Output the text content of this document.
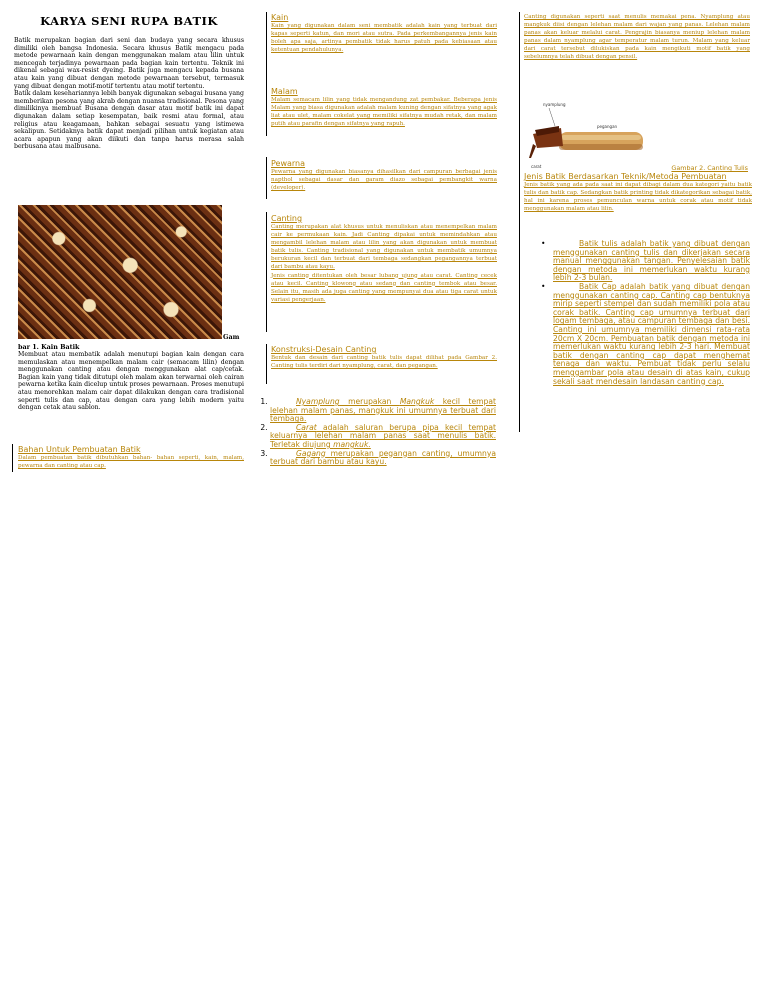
KARYA SENI RUPA BATIK

Batik merupakan bagian dari seni dan budaya yang secara khusus dimiliki oleh bangsa Indonesia. Secara khusus Batik mengacu pada metode pewarnaan kain dengan menggunakan malam atau lilin untuk mencegah terjadinya pewarnaan pada bagian kain tertentu. Teknik ini dikenal sebagai wax-resist dyeing. Batik juga mengacu kepada busana atau kain yang dibuat dengan metode pewarnaan tersebut, termasuk yang dibuat dengan motif-motif tertentu atau motif tertentu.

Batik dalam kesehariannya lebih banyak digunakan sebagai busana yang memberikan pesona yang akrab dengan nuansa tradisional. Pesona yang dimilikinya membuat Busana dengan dasar atau motif batik ini dapat digunakan dalam setiap kesempatan, baik resmi atau formal, atau religius atau keagamaan, bahkan sebagai sesuatu yang istimewa sekalipun. Setidaknya batik dapat menjadi pilihan untuk kegiatan atau acara apapun yang akan diikuti dan tanpa harus merasa salah berbusana atau malbusana.

Gam
bar 1. Kain Batik

Membuat atau membatik adalah menutupi bagian kain dengan cara memulaskan atau menempelkan malam cair (semacam lilin) dengan menggunakan canting atau dengan menggunakan alat cap/cetak. Bagian kain yang tidak ditutupi oleh malam akan terwarnai oleh cairan pewarna ketika kain dicelup untuk proses pewarnaan. Proses menutupi atau menorehkan malam cair dapat dilakukan dengan cara tradisional seperti tulis dan cap, atau dengan cara yang lebih modern yaitu dengan cetak atau sablon.

Bahan Untuk Pembuatan Batik

Dalam pembuatan batik dibutuhkan bahan- bahan seperti, kain, malam, pewarna dan canting atau cap.

Kain

Kain yang digunakan dalam seni membatik adalah kain yang terbuat dari kapas seperti katun, dan mori atau sutra. Pada perkembangannya jenis kain boleh apa saja, artinya pembatik tidak harus patuh pada kebiasaan atau ketentuan pendahulunya.

Malam

Malam semacam lilin yang tidak mengandung zat pembakar. Beberapa jenis Malam yang biasa digunakan adalah malam kuning dengan sifatnya yang agak liat atau ulet, malam cokelat yang memiliki sifatnya mudah retak, dan malam putih atau parafin dengan sifatnya yang rapuh.

Pewarna

Pewarna yang digunakan biasanya dihasilkan dari campuran berbagai jenis napthol sebagai dasar dan garam diazo sebagai pembangkit warna (developer).

Canting

Canting merupakan alat khusus untuk menuliskan atau menempelkan malam cair ke permukaan kain. Jadi Canting dipakai untuk memindahkan atau mengambil lelehan malam atau lilin yang akan digunakan untuk membuat batik tulis. Canting tradisional yang digunakan untuk membatik umumnya berukuran kecil dan terbuat dari tembaga sedangkan pegangannya terbuat dari bambu atau kayu.

Jenis canting ditentukan oleh besar lubang ujung atau carat. Canting cecek atau kecil. Canting klowong atau sedang dan canting tembok atau besar. Selain itu, masih ada juga canting yang mempunyai dua atau tiga carat untuk variasi pengerjaan.

Konstruksi-Desain Canting

Bentuk dan desain dari canting batik tulis dapat dilihat pada Gambar 2. Canting tulis terdiri dari nyamplung, carat, dan pegangan.

1. Nyamplung merupakan Mangkuk kecil tempat lelehan malam panas, mangkuk ini umumnya terbuat dari tembaga.
2. Carat adalah saluran berupa pipa kecil tempat keluarnya lelehan malam panas saat menulis batik. Terletak diujung mangkuk.
3. Gagang merupakan pegangan canting, umumnya terbuat dari bambu atau kayu.

Canting digunakan seperti saat menulis memakai pena. Nyamplung atau mangkuk diisi dengan lelehan malam dari wajan yang panas. Lelehan malam panas akan keluar melalui carat. Pengrajin biasanya meniup lelehan malam panas dalam nyamplung agar temperatur malam turun. Malam yang keluar dari carat tersebut dilukiskan pada kain mengikuti motif batik yang sebelumnya telah dibuat dengan pensil.

nyamplung
pegangan
carat	Gambar 2. Canting Tulis
Jenis Batik Berdasarkan Teknik/Metoda Pembuatan

Jenis batik yang ada pada saat ini dapat dibagi dalam dua kategori yaitu batik tulis dan batik cap. Sedangkan batik printing tidak dikategorikan sebagai batik, hal ini karena proses pemunculan warna untuk corak atau motif tidak menggunakan malam atau lilin.

• Batik tulis adalah batik yang dibuat dengan menggunakan canting tulis dan dikerjakan secara manual menggunakan tangan. Penyelesaian batik dengan metoda ini memerlukan waktu kurang lebih 2-3 bulan.
• Batik Cap adalah batik yang dibuat dengan menggunakan canting cap. Canting cap bentuknya mirip seperti stempel dan sudah memiliki pola atau corak batik. Canting cap umumnya terbuat dari logam tembaga, atau campuran tembaga dan besi. Canting ini umumnya memiliki dimensi rata-rata 20cm X 20cm. Pembuatan batik dengan metoda ini memerlukan waktu kurang lebih 2-3 hari. Membuat batik dengan canting cap dapat menghemat tenaga dan waktu. Pembuat tidak perlu selalu menggambar pola atau desain di atas kain, cukup sekali saat mendesain landasan canting cap.
